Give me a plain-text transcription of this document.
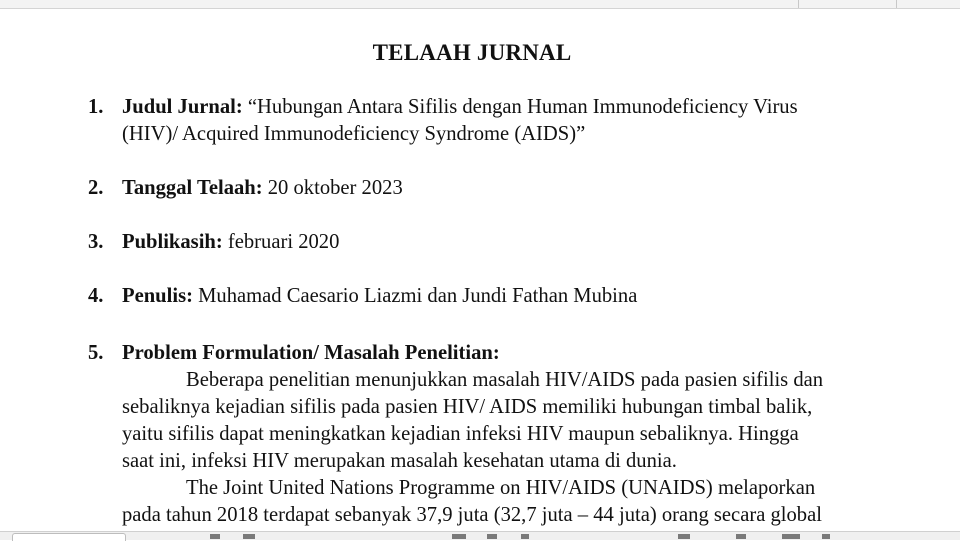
TELAAH JURNAL
1. Judul Jurnal: “Hubungan Antara Sifilis dengan Human Immunodeficiency Virus
(HIV)/ Acquired Immunodeficiency Syndrome (AIDS)”
2. Tanggal Telaah: 20 oktober 2023
3. Publikasih: februari 2020
4. Penulis: Muhamad Caesario Liazmi dan Jundi Fathan Mubina
5. Problem Formulation/ Masalah Penelitian:
Beberapa penelitian menunjukkan masalah HIV/AIDS pada pasien sifilis dan
sebaliknya kejadian sifilis pada pasien HIV/ AIDS memiliki hubungan timbal balik,
yaitu sifilis dapat meningkatkan kejadian infeksi HIV maupun sebaliknya. Hingga
saat ini, infeksi HIV merupakan masalah kesehatan utama di dunia.
The Joint United Nations Programme on HIV/AIDS (UNAIDS) melaporkan
pada tahun 2018 terdapat sebanyak 37,9 juta (32,7 juta – 44 juta) orang secara global
